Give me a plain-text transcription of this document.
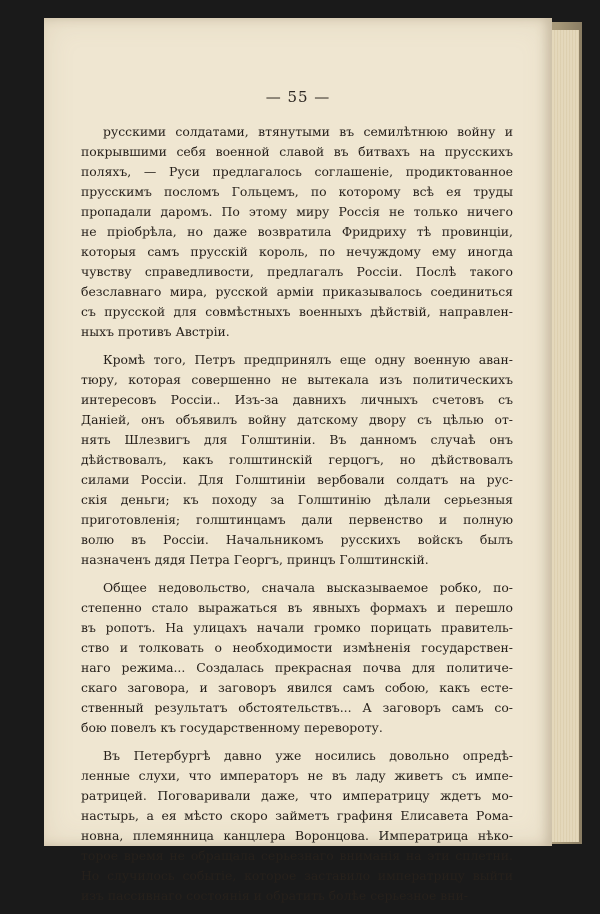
— 55 —

русскими солдатами, втянутыми въ семилѣтнюю войну и
покрывшими себя военной славой въ битвахъ на прусскихъ
поляхъ, — Руси предлагалось соглашеніе, продиктованное
прусскимъ посломъ Гольцемъ, по которому всѣ ея труды
пропадали даромъ. По этому миру Россія не только ничего
не пріобрѣла, но даже возвратила Фридриху тѣ провинціи,
которыя самъ прусскій король, по нечуждому ему иногда
чувству справедливости, предлагалъ Россіи. Послѣ такого
безславнаго мира, русской арміи приказывалось соединиться
съ прусской для совмѣстныхъ военныхъ дѣйствій, направлен-
ныхъ противъ Австріи.

Кромѣ того, Петръ предпринялъ еще одну военную аван-
тюру, которая совершенно не вытекала изъ политическихъ
интересовъ Россіи.. Изъ-за давнихъ личныхъ счетовъ съ
Даніей, онъ объявилъ войну датскому двору съ цѣлью от-
нять Шлезвигъ для Голштиніи. Въ данномъ случаѣ онъ
дѣйствовалъ, какъ голштинскій герцогъ, но дѣйствовалъ
силами Россіи. Для Голштиніи вербовали солдатъ на рус-
скія деньги; къ походу за Голштинію дѣлали серьезныя
приготовленія; голштинцамъ дали первенство и полную
волю въ Россіи. Начальникомъ русскихъ войскъ былъ
назначенъ дядя Петра Георгъ, принцъ Голштинскій.

Общее недовольство, сначала высказываемое робко, по-
степенно стало выражаться въ явныхъ формахъ и перешло
въ ропотъ. На улицахъ начали громко порицать правитель-
ство и толковать о необходимости измѣненія государствен-
наго режима... Создалась прекрасная почва для политиче-
скаго заговора, и заговоръ явился самъ собою, какъ есте-
ственный результатъ обстоятельствъ... А заговоръ самъ со-
бою повелъ къ государственному перевороту.

Въ Петербургѣ давно уже носились довольно опредѣ-
ленные слухи, что императоръ не въ ладу живетъ съ импе-
ратрицей. Поговаривали даже, что императрицу ждетъ мо-
настырь, а ея мѣсто скоро займетъ графиня Елисавета Рома-
новна, племянница канцлера Воронцова. Императрица нѣко-
торое время не обращала серьезнаго вниманія на эти сплетни.
Но случилось событіе, которое заставило императрицу выйти
изъ пассивнаго состоянія и обратить болѣе серьезное вни-
